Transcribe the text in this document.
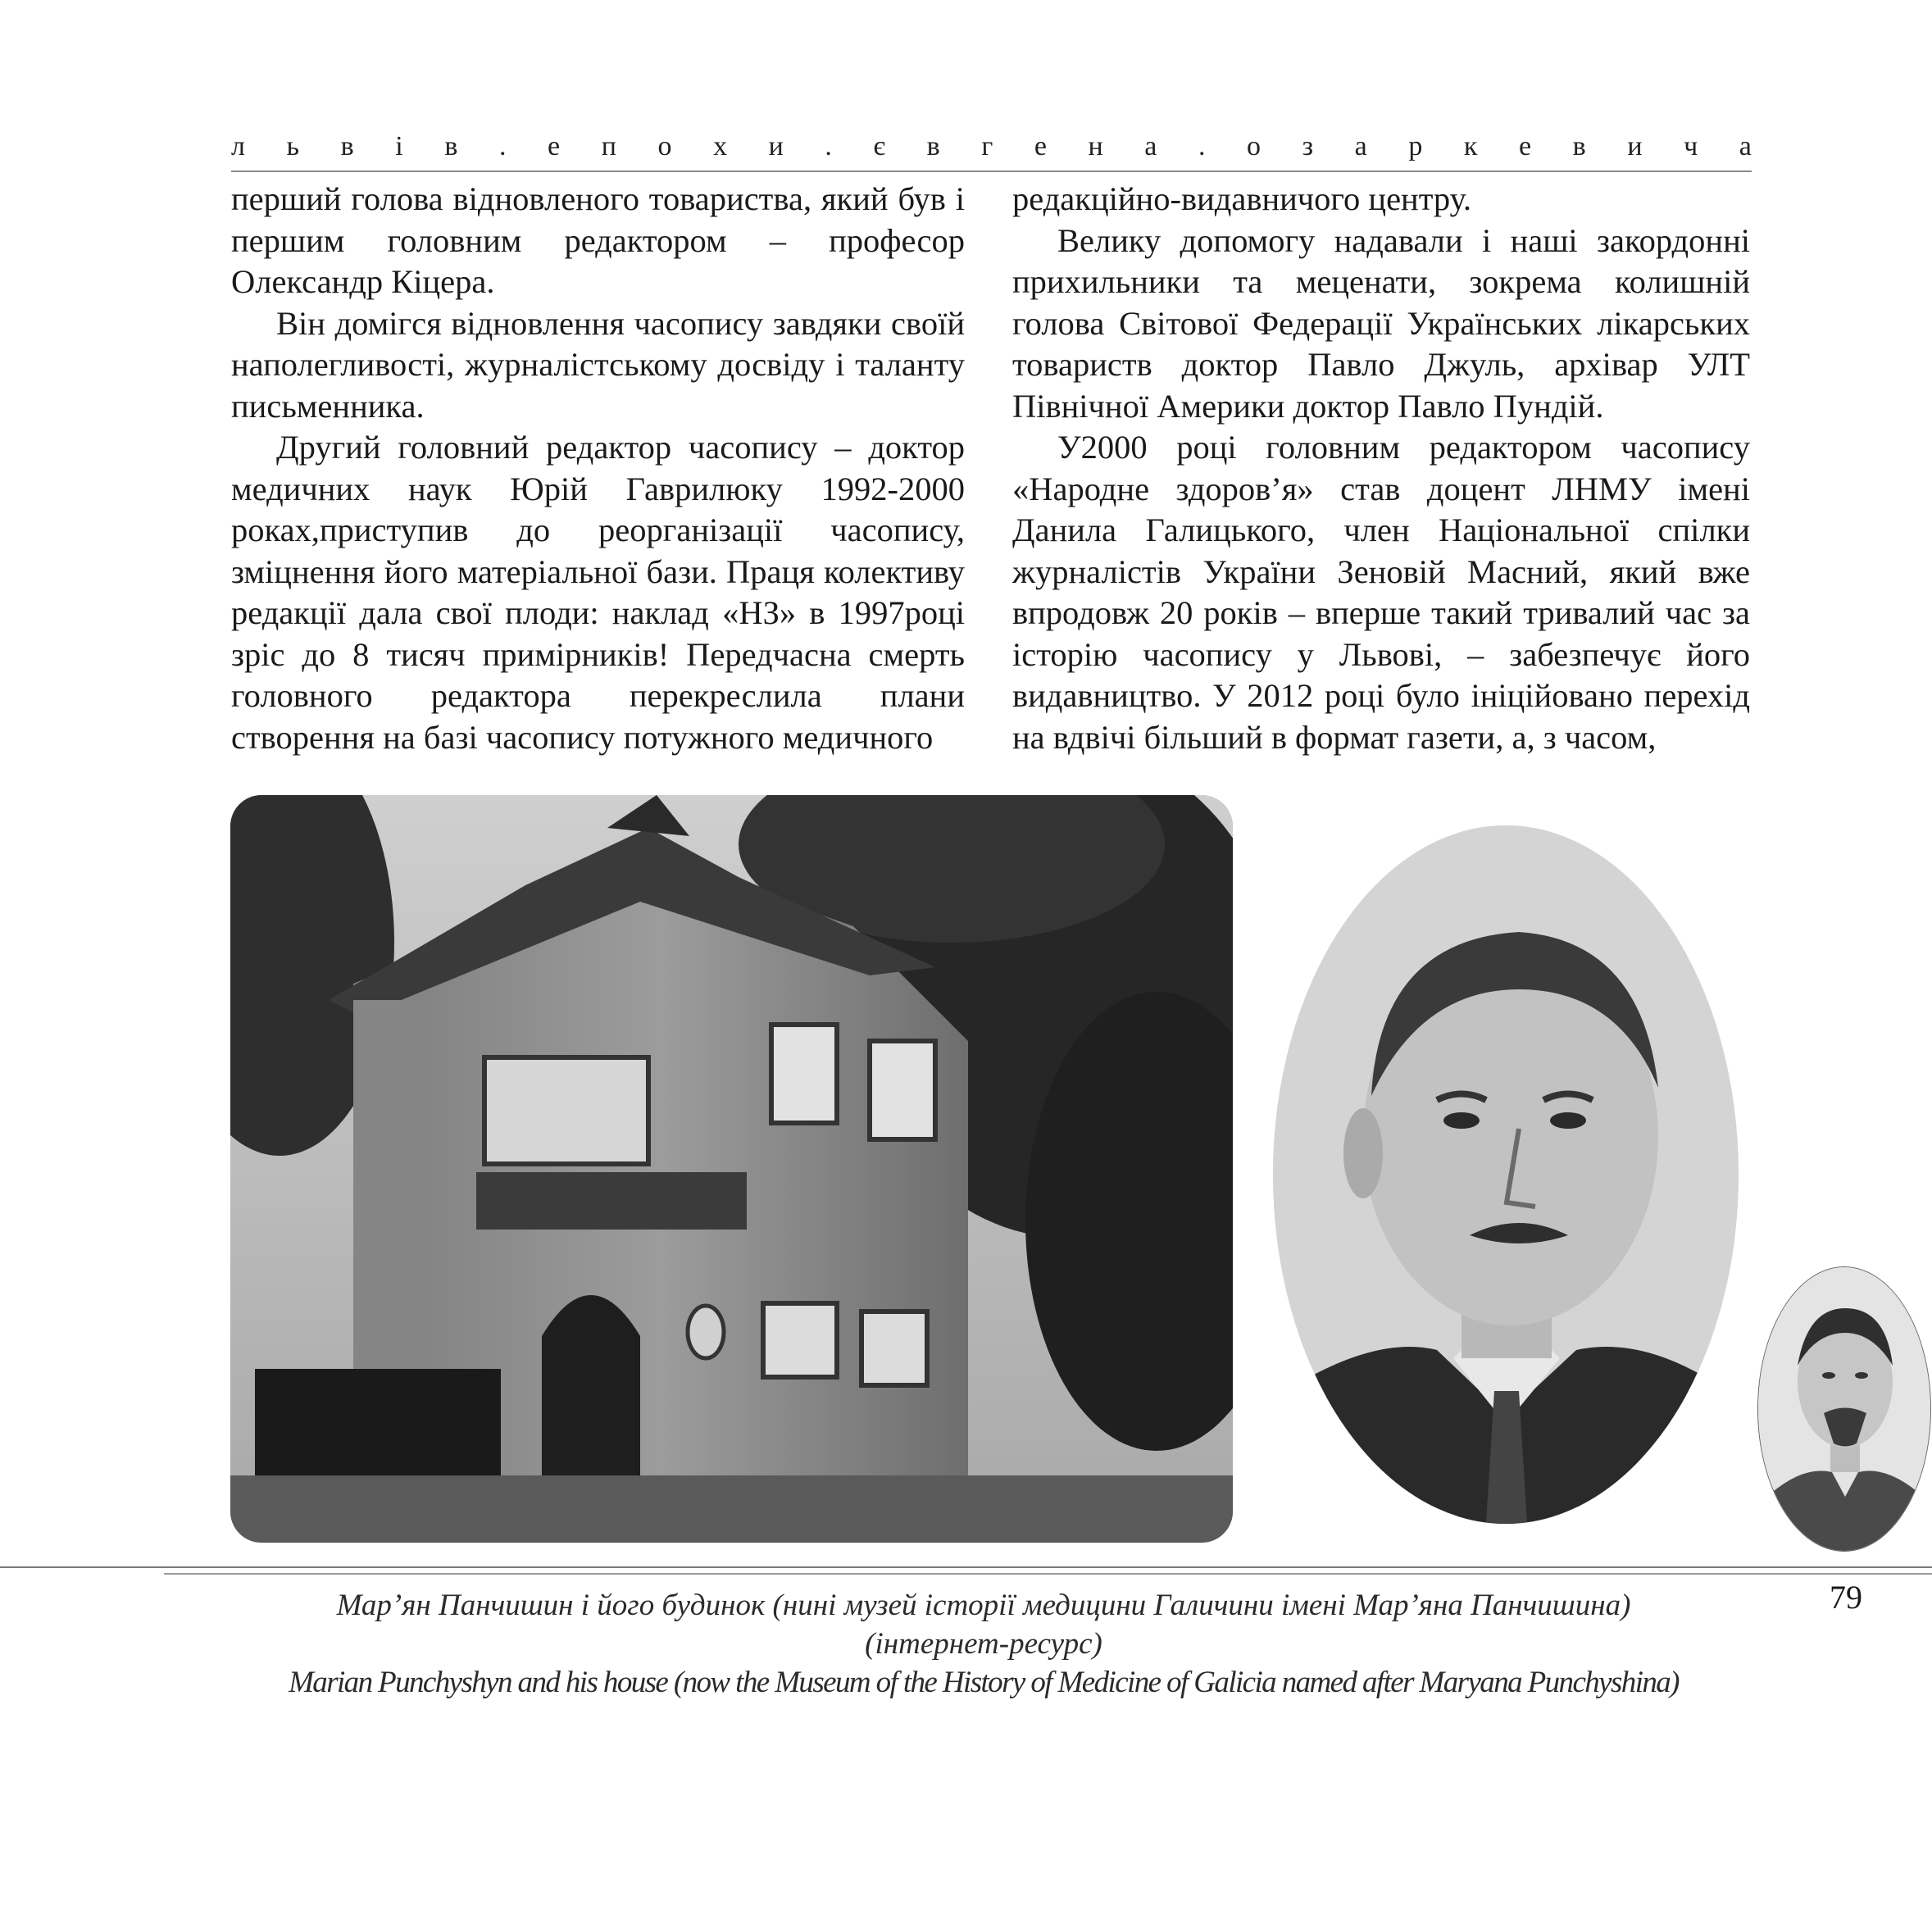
л ь в і в . е п о х и . є в г е н а . о з а р к е в и ч а

перший голова відновленого товариства, який був і першим головним редактором – професор Олександр Кіцера.

Він домігся відновлення часопису завдяки своїй наполегливості, журналістському досвіду і таланту письменника.

Другий головний редактор часопису – доктор медичних наук Юрій Гаврилюку 1992-2000 роках,приступив до реорганізації часопису, зміцнення його матеріальної бази. Праця колективу редакції дала свої плоди: наклад «НЗ» в 1997році зріс до 8 тисяч примірників! Передчасна смерть головного редактора перекреслила плани створення на базі часопису потужного медичного

редакційно-видавничого центру.

Велику допомогу надавали і наші закордонні прихильники та меценати, зокрема колишній голова Світової Федерації Українських лікарських товариств доктор Павло Джуль, архівар УЛТ Північної Америки доктор Павло Пундій.

У2000 році головним редактором часопису «Народне здоров’я» став доцент ЛНМУ імені Данила Галицького, член Національної спілки журналістів України Зеновій Масний, який вже впродовж 20 років – вперше такий тривалий час за історію часопису у Львові, – забезпечує його видавництво. У 2012 році було ініційовано перехід на вдвічі більший в формат газети, а, з часом,

79
Мар’ян Панчишин і його будинок (нині музей історії медицини Галичини імені Мар’яна Панчишина)
(інтернет-ресурс)
Marian Punchyshyn and his house (now the Museum of the History of Medicine of Galicia named after Maryana Punchyshina)
